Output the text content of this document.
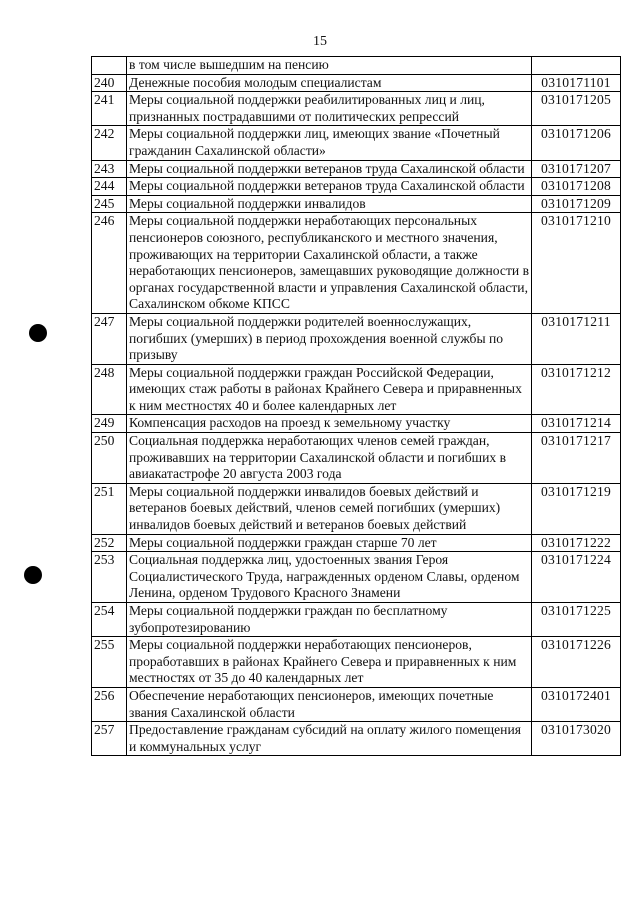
15
	в том числе вышедшим на пенсию	
240	Денежные пособия молодым специалистам	0310171101
241	Меры социальной поддержки реабилитированных лиц и лиц, признанных пострадавшими от политических репрессий	0310171205
242	Меры социальной поддержки лиц, имеющих звание «Почетный гражданин Сахалинской области»	0310171206
243	Меры социальной поддержки ветеранов труда Сахалинской области	0310171207
244	Меры социальной поддержки ветеранов труда Сахалинской области	0310171208
245	Меры социальной поддержки инвалидов	0310171209
246	Меры социальной поддержки неработающих персональных пенсионеров союзного, республиканского и местного значения, проживающих на территории Сахалинской области, а также неработающих пенсионеров, замещавших руководящие должности в органах государственной власти и управления Сахалинской области, Сахалинском обкоме КПСС	0310171210
247	Меры социальной поддержки родителей военнослужащих, погибших (умерших) в период прохождения военной службы по призыву	0310171211
248	Меры социальной поддержки граждан Российской Федерации, имеющих стаж работы в районах Крайнего Севера и приравненных к ним местностях 40 и более календарных лет	0310171212
249	Компенсация расходов на проезд к земельному участку	0310171214
250	Социальная поддержка неработающих членов семей граждан, проживавших на территории Сахалинской области и погибших в авиакатастрофе 20 августа 2003 года	0310171217
251	Меры социальной поддержки инвалидов боевых действий и ветеранов боевых действий, членов семей погибших (умерших) инвалидов боевых действий и ветеранов боевых действий	0310171219
252	Меры социальной поддержки граждан старше 70 лет	0310171222
253	Социальная поддержка лиц, удостоенных звания Героя Социалистического Труда, награжденных орденом Славы, орденом Ленина, орденом Трудового Красного Знамени	0310171224
254	Меры социальной поддержки граждан по бесплатному зубопротезированию	0310171225
255	Меры социальной поддержки неработающих пенсионеров, проработавших в районах Крайнего Севера и приравненных к ним местностях от 35 до 40 календарных лет	0310171226
256	Обеспечение неработающих пенсионеров, имеющих почетные звания Сахалинской области	0310172401
257	Предоставление гражданам субсидий на оплату жилого помещения и коммунальных услуг	0310173020
